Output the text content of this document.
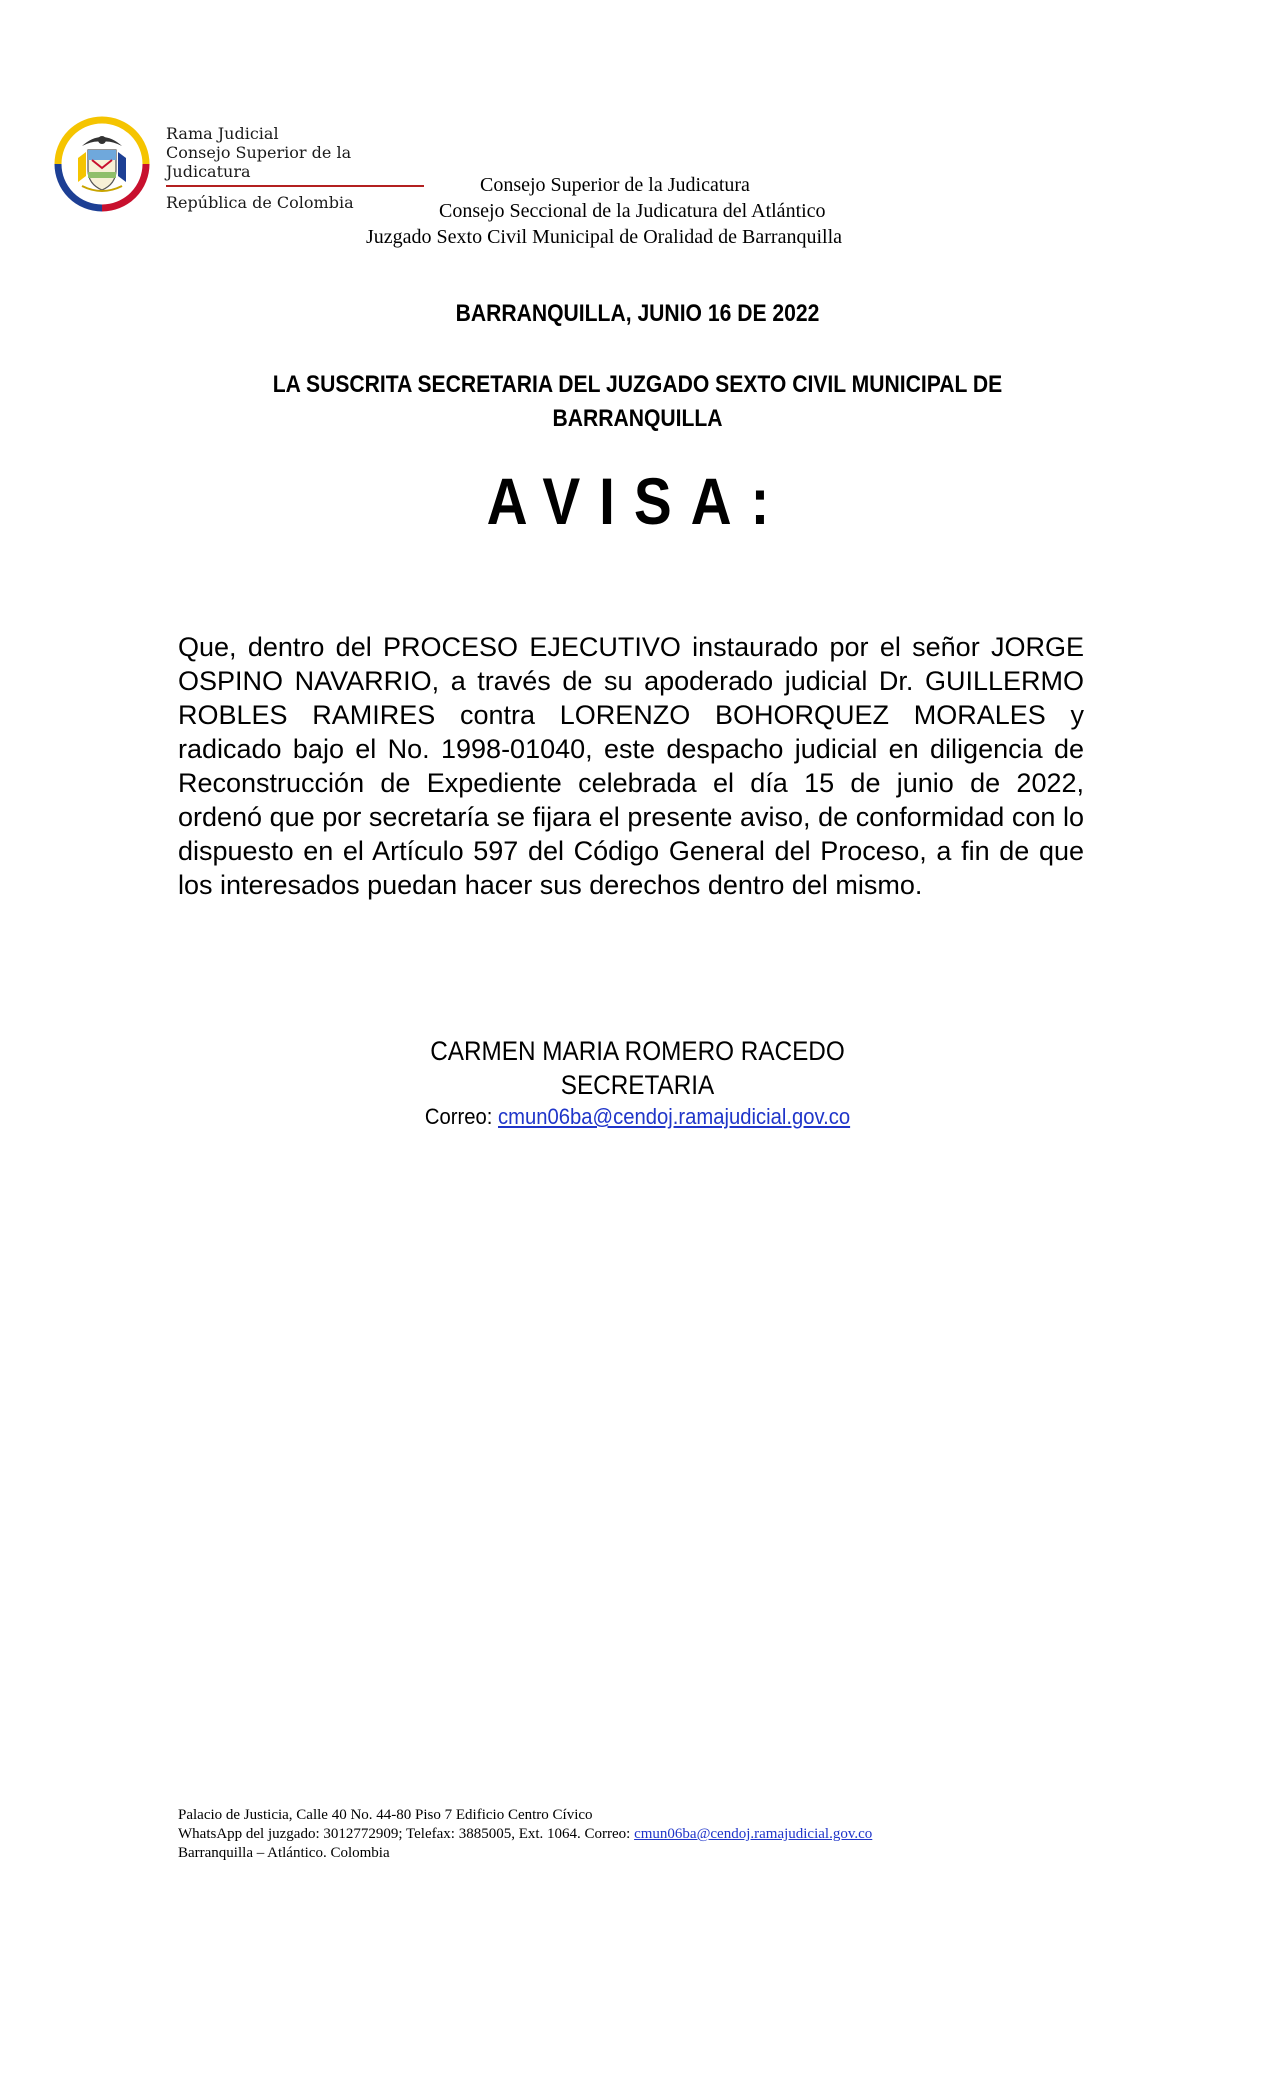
Rama Judicial
Consejo Superior de la Judicatura
República de Colombia
Consejo Superior de la Judicatura
Consejo Seccional de la Judicatura del Atlántico
Juzgado Sexto Civil Municipal de Oralidad de Barranquilla
BARRANQUILLA, JUNIO 16 DE 2022
LA SUSCRITA SECRETARIA DEL JUZGADO SEXTO CIVIL MUNICIPAL DE
BARRANQUILLA
AVISA:
Que, dentro del PROCESO EJECUTIVO instaurado por el señor JORGE OSPINO NAVARRIO, a través de su apoderado judicial Dr. GUILLERMO ROBLES RAMIRES contra LORENZO BOHORQUEZ MORALES y radicado bajo el No. 1998-01040, este despacho judicial en diligencia de Reconstrucción de Expediente celebrada el día 15 de junio de 2022, ordenó que por secretaría se fijara el presente aviso, de conformidad con lo dispuesto en el Artículo 597 del Código General del Proceso, a fin de que los interesados puedan hacer sus derechos dentro del mismo.
CARMEN MARIA ROMERO RACEDO
SECRETARIA
Correo: cmun06ba@cendoj.ramajudicial.gov.co
Palacio de Justicia, Calle 40 No. 44-80 Piso 7 Edificio Centro Cívico
WhatsApp del juzgado: 3012772909; Telefax: 3885005, Ext. 1064. Correo: cmun06ba@cendoj.ramajudicial.gov.co
Barranquilla – Atlántico. Colombia
